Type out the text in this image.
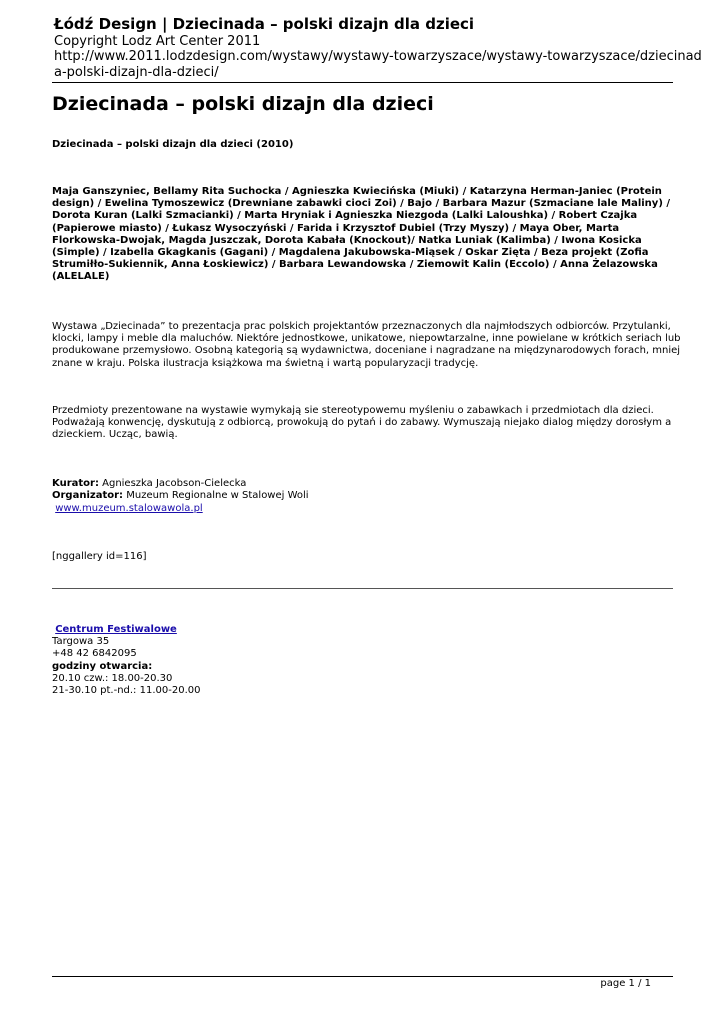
Łódź Design | Dziecinada – polski dizajn dla dzieci
Copyright Lodz Art Center 2011
http://www.2011.lodzdesign.com/wystawy/wystawy-towarzyszace/wystawy-towarzyszace/dziecinad
a-polski-dizajn-dla-dzieci/
Dziecinada – polski dizajn dla dzieci
Dziecinada – polski dizajn dla dzieci (2010)
Maja Ganszyniec, Bellamy Rita Suchocka / Agnieszka Kwiecińska (Miuki) / Katarzyna Herman-Janiec (Protein
design) / Ewelina Tymoszewicz (Drewniane zabawki cioci Zoi) / Bajo / Barbara Mazur (Szmaciane lale Maliny) /
Dorota Kuran (Lalki Szmacianki) / Marta Hryniak i Agnieszka Niezgoda (Lalki Laloushka) / Robert Czajka
(Papierowe miasto) / Łukasz Wysoczyński / Farida i Krzysztof Dubiel (Trzy Myszy) / Maya Ober, Marta
Florkowska-Dwojak, Magda Juszczak, Dorota Kabała (Knockout)/ Natka Luniak (Kalimba) / Iwona Kosicka
(Simple) / Izabella Gkagkanis (Gagani) / Magdalena Jakubowska-Miąsek / Oskar Zięta / Beza projekt (Zofia
Strumiłło-Sukiennik, Anna Łoskiewicz) / Barbara Lewandowska / Ziemowit Kalin (Eccolo) / Anna Żelazowska
(ALELALE)
Wystawa „Dziecinada” to prezentacja prac polskich projektantów przeznaczonych dla najmłodszych odbiorców. Przytulanki,
klocki, lampy i meble dla maluchów. Niektóre jednostkowe, unikatowe, niepowtarzalne, inne powielane w krótkich seriach lub
produkowane przemysłowo. Osobną kategorią są wydawnictwa, doceniane i nagradzane na międzynarodowych forach, mniej
znane w kraju. Polska ilustracja książkowa ma świetną i wartą popularyzacji tradycję.
Przedmioty prezentowane na wystawie wymykają sie stereotypowemu myśleniu o zabawkach i przedmiotach dla dzieci.
Podważają konwencję, dyskutują z odbiorcą, prowokują do pytań i do zabawy. Wymuszają niejako dialog między dorosłym a
dzieckiem. Ucząc, bawią.
Kurator: Agnieszka Jacobson-Cielecka
Organizator: Muzeum Regionalne w Stalowej Woli
www.muzeum.stalowawola.pl
[nggallery id=116]
Centrum Festiwalowe
Targowa 35
+48 42 6842095
godziny otwarcia:
20.10 czw.: 18.00-20.30
21-30.10 pt.-nd.: 11.00-20.00
page 1 / 1
